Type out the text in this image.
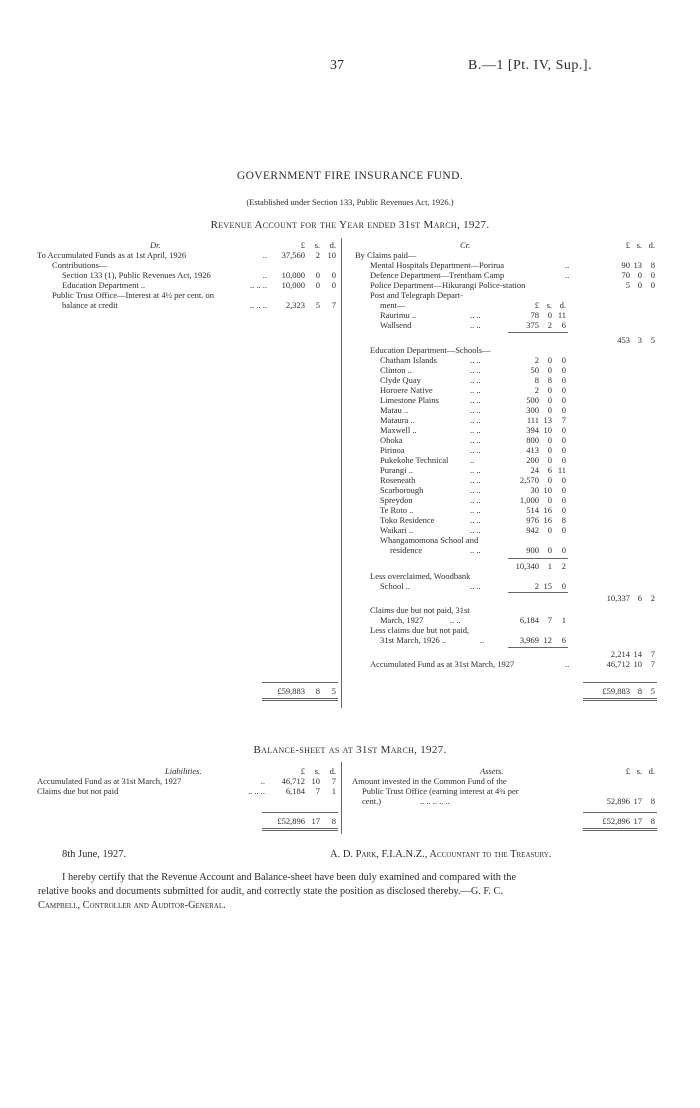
37	B.—1 [Pt. IV, Sup.].
GOVERNMENT FIRE INSURANCE FUND.
(Established under Section 133, Public Revenues Act, 1926.)
Revenue Account for the Year ended 31st March, 1927.
Dr.	£	s.	d.
To Accumulated Funds as at 1st April, 1926	..	37,560	2 10
Contributions—
Section 133 (1), Public Revenues Act, 1926	..	10,000	0	0
Education Department ..	.. .. ..	10,000	0	0
Public Trust Office—Interest at 4½ per cent. on
balance at credit	.. .. ..	2,323	5	7
£59,883	8	5
Cr.	£ s. d.
By Claims paid—
Mental Hospitals Department—Porirua	..	90 13	8
Defence Department—Trentham Camp	..	70 0	0
Police Department—Hikurangi Police-station	5 0	0
Post and Telegraph Depart-
ment—	£ s. d.
Raurimu ..	.. ..	78	0 11
Wallsend	.. ..	375	2	6
453 3	5
Education Department—Schools—
Chatham Islands	.. ..	2	0	0
Clinton ..	.. ..	50	0	0
Clyde Quay	.. ..	8	8	0
Horoere Native	.. ..	2	0	0
Limestone Plains	.. ..	500	0	0
Matau ..	.. ..	300	0	0
Mataura ..	.. ..	111 13	7
Maxwell ..	.. ..	394 10	0
Ohoka	.. ..	800	0	0
Pirinoa	.. ..	413	0	0
Pukekohe Technical	..	200	0	0
Purangi ..	.. ..	24	6 11
Roseneath	.. ..	2,570	0	0
Scarborough	.. ..	30 10	0
Spreydon	.. ..	1,000	0	0
Te Roto ..	.. ..	514 16	0
Toko Residence	.. ..	976 16	8
Waikari ..	.. ..	942	0	0
Whangamomona School and
residence	.. ..	900	0	0
10,340	1	2
Less overclaimed, Woodbank
School ..	.. ..	2 15	0
10,337 6	2
Claims due but not paid, 31st
March, 1927	.. ..	6,184	7	1
Less claims due but not paid,
31st March, 1926 ..	..	3,969 12	6
2,214 14	7
Accumulated Fund as at 31st March, 1927	..	46,712 10	7
£59,883 8	5
Balance-sheet as at 31st March, 1927.
Liabilities.	£	s.	d.	Assets.	£ s. d.
Accumulated Fund as at 31st March, 1927	..	46,712 10	7
Claims due but not paid	.. .. ..	6,184	7	1
Amount invested in the Common Fund of the
Public Trust Office (earning interest at 4¾ per
cent.)	.. .. .. .. ..	52,896 17	8
£52,896 17	8	£52,896 17	8
8th June, 1927.	A. D. Park, F.I.A.N.Z., Accountant to the Treasury.
I hereby certify that the Revenue Account and Balance-sheet have been duly examined and compared with the
relative books and documents submitted for audit, and correctly state the position as disclosed thereby.—G. F. C.
Campbell, Controller and Auditor-General.
